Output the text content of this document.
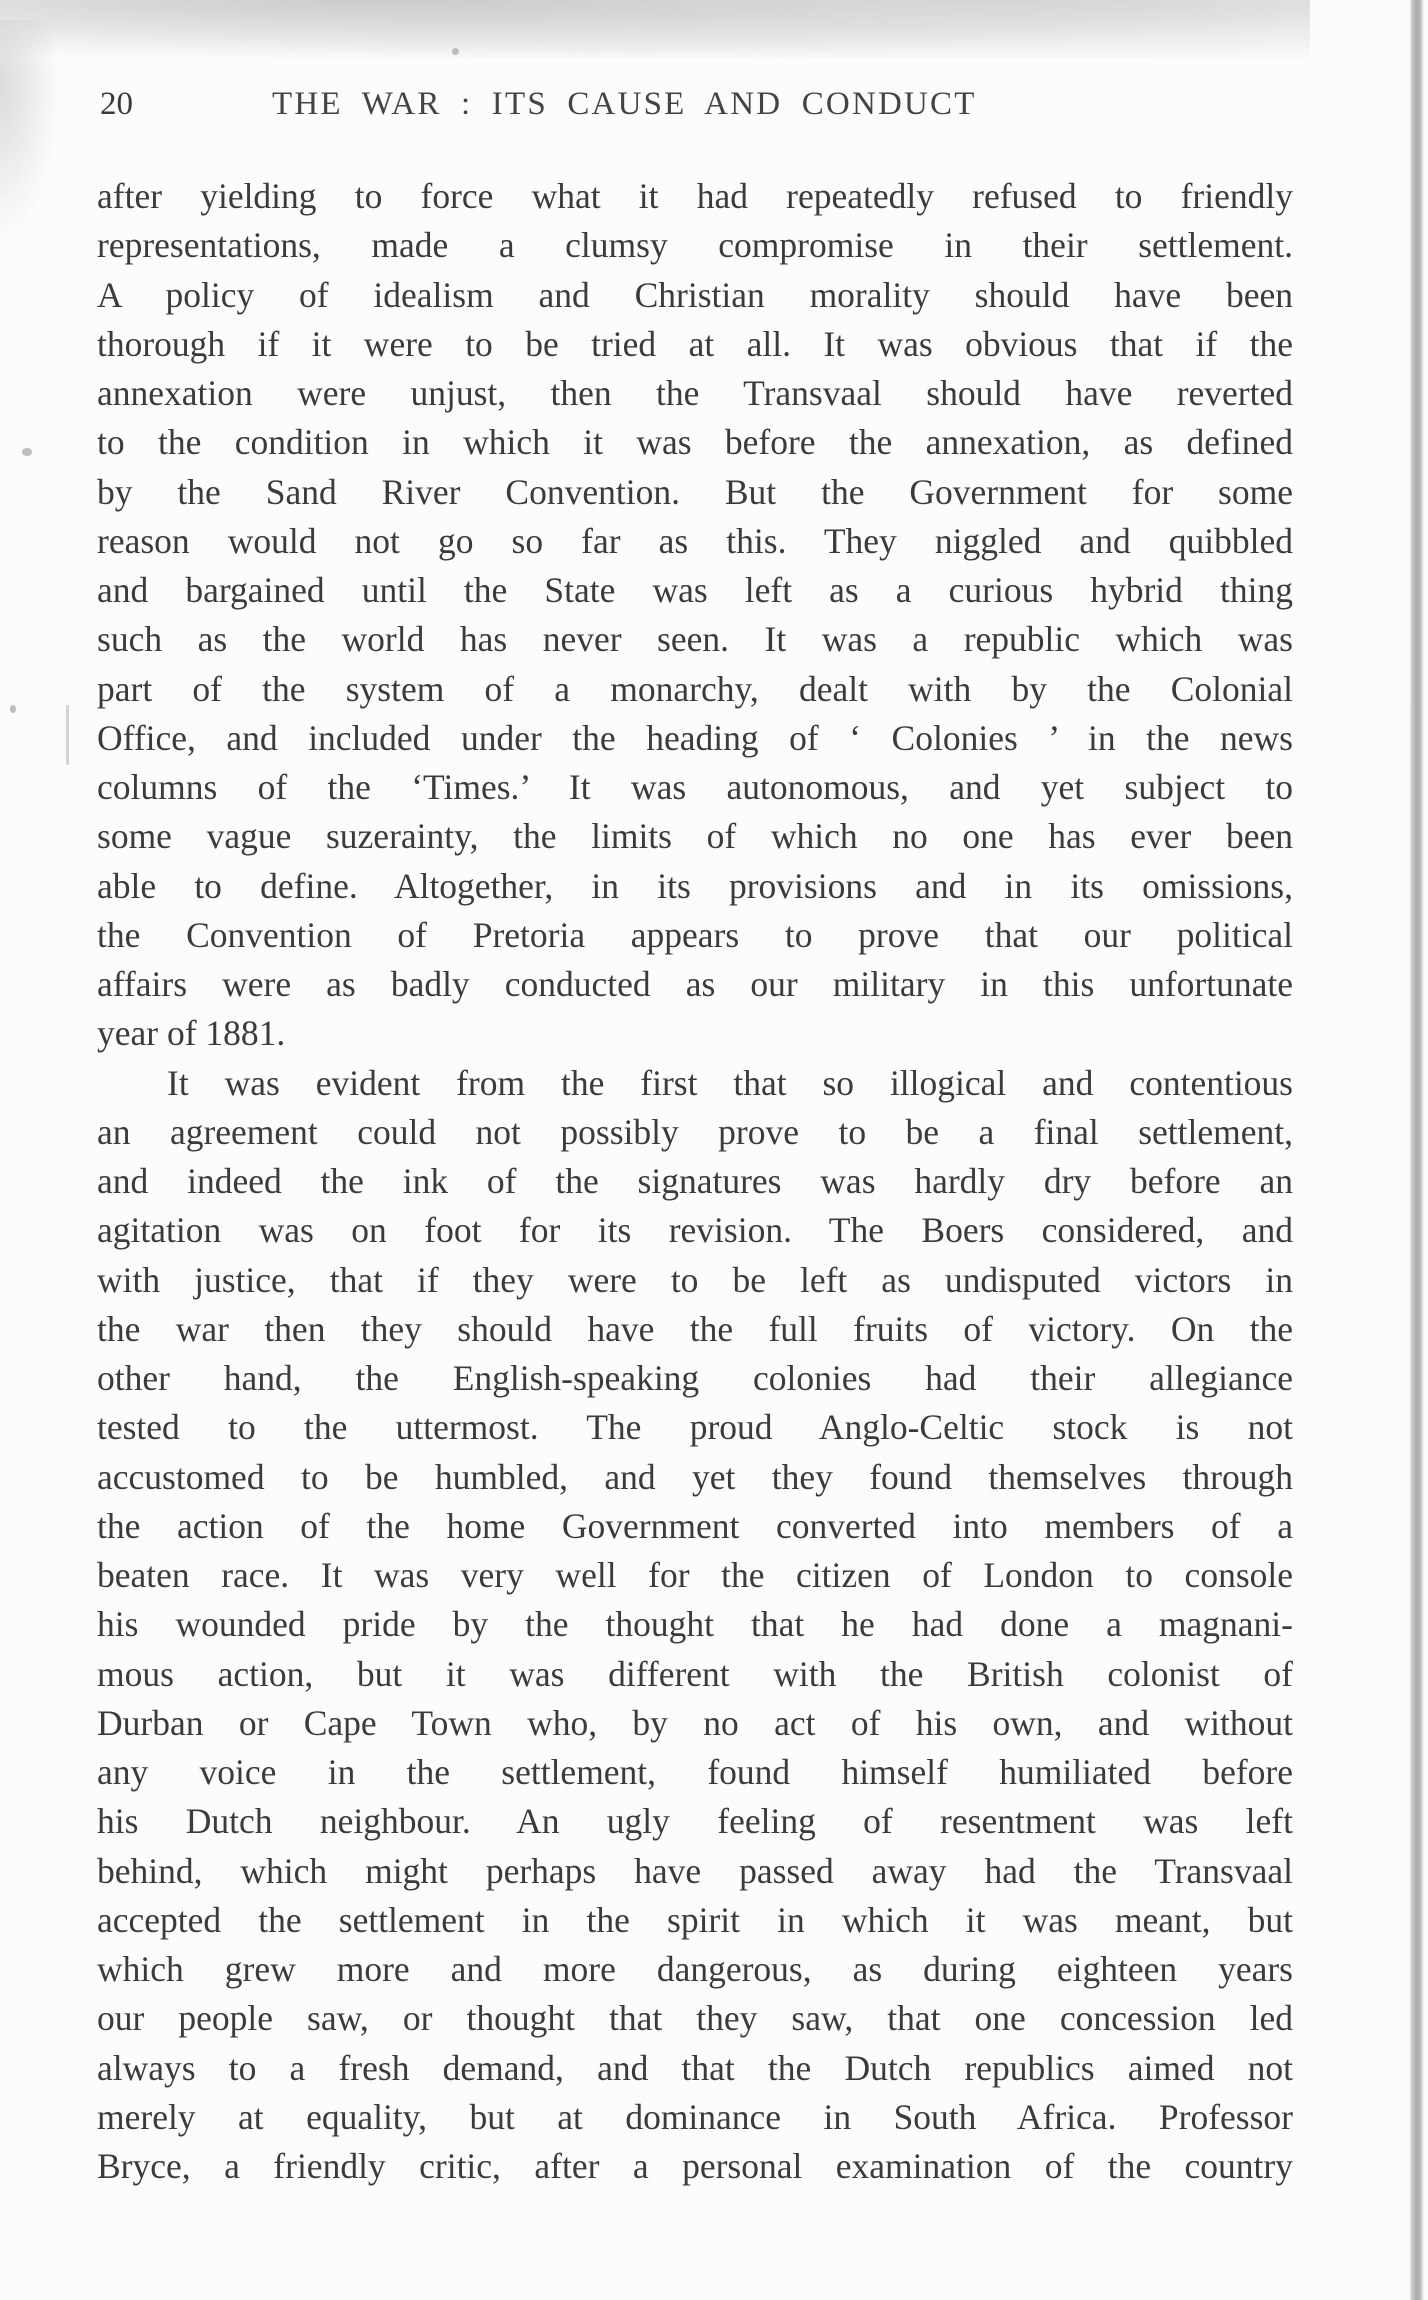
20	THE WAR : ITS CAUSE AND CONDUCT
after yielding to force what it had repeatedly refused to friendly
representations, made a clumsy compromise in their settlement.
A policy of idealism and Christian morality should have been
thorough if it were to be tried at all. It was obvious that if the
annexation were unjust, then the Transvaal should have reverted
to the condition in which it was before the annexation, as defined
by the Sand River Convention. But the Government for some
reason would not go so far as this. They niggled and quibbled
and bargained until the State was left as a curious hybrid thing
such as the world has never seen. It was a republic which was
part of the system of a monarchy, dealt with by the Colonial
Office, and included under the heading of ‘ Colonies ’ in the news
columns of the ‘Times.’ It was autonomous, and yet subject to
some vague suzerainty, the limits of which no one has ever been
able to define. Altogether, in its provisions and in its omissions,
the Convention of Pretoria appears to prove that our political
affairs were as badly conducted as our military in this unfortunate
year of 1881.
It was evident from the first that so illogical and contentious
an agreement could not possibly prove to be a final settlement,
and indeed the ink of the signatures was hardly dry before an
agitation was on foot for its revision. The Boers considered, and
with justice, that if they were to be left as undisputed victors in
the war then they should have the full fruits of victory. On the
other hand, the English-speaking colonies had their allegiance
tested to the uttermost. The proud Anglo-Celtic stock is not
accustomed to be humbled, and yet they found themselves through
the action of the home Government converted into members of a
beaten race. It was very well for the citizen of London to console
his wounded pride by the thought that he had done a magnani-
mous action, but it was different with the British colonist of
Durban or Cape Town who, by no act of his own, and without
any voice in the settlement, found himself humiliated before
his Dutch neighbour. An ugly feeling of resentment was left
behind, which might perhaps have passed away had the Transvaal
accepted the settlement in the spirit in which it was meant, but
which grew more and more dangerous, as during eighteen years
our people saw, or thought that they saw, that one concession led
always to a fresh demand, and that the Dutch republics aimed not
merely at equality, but at dominance in South Africa. Professor
Bryce, a friendly critic, after a personal examination of the country
